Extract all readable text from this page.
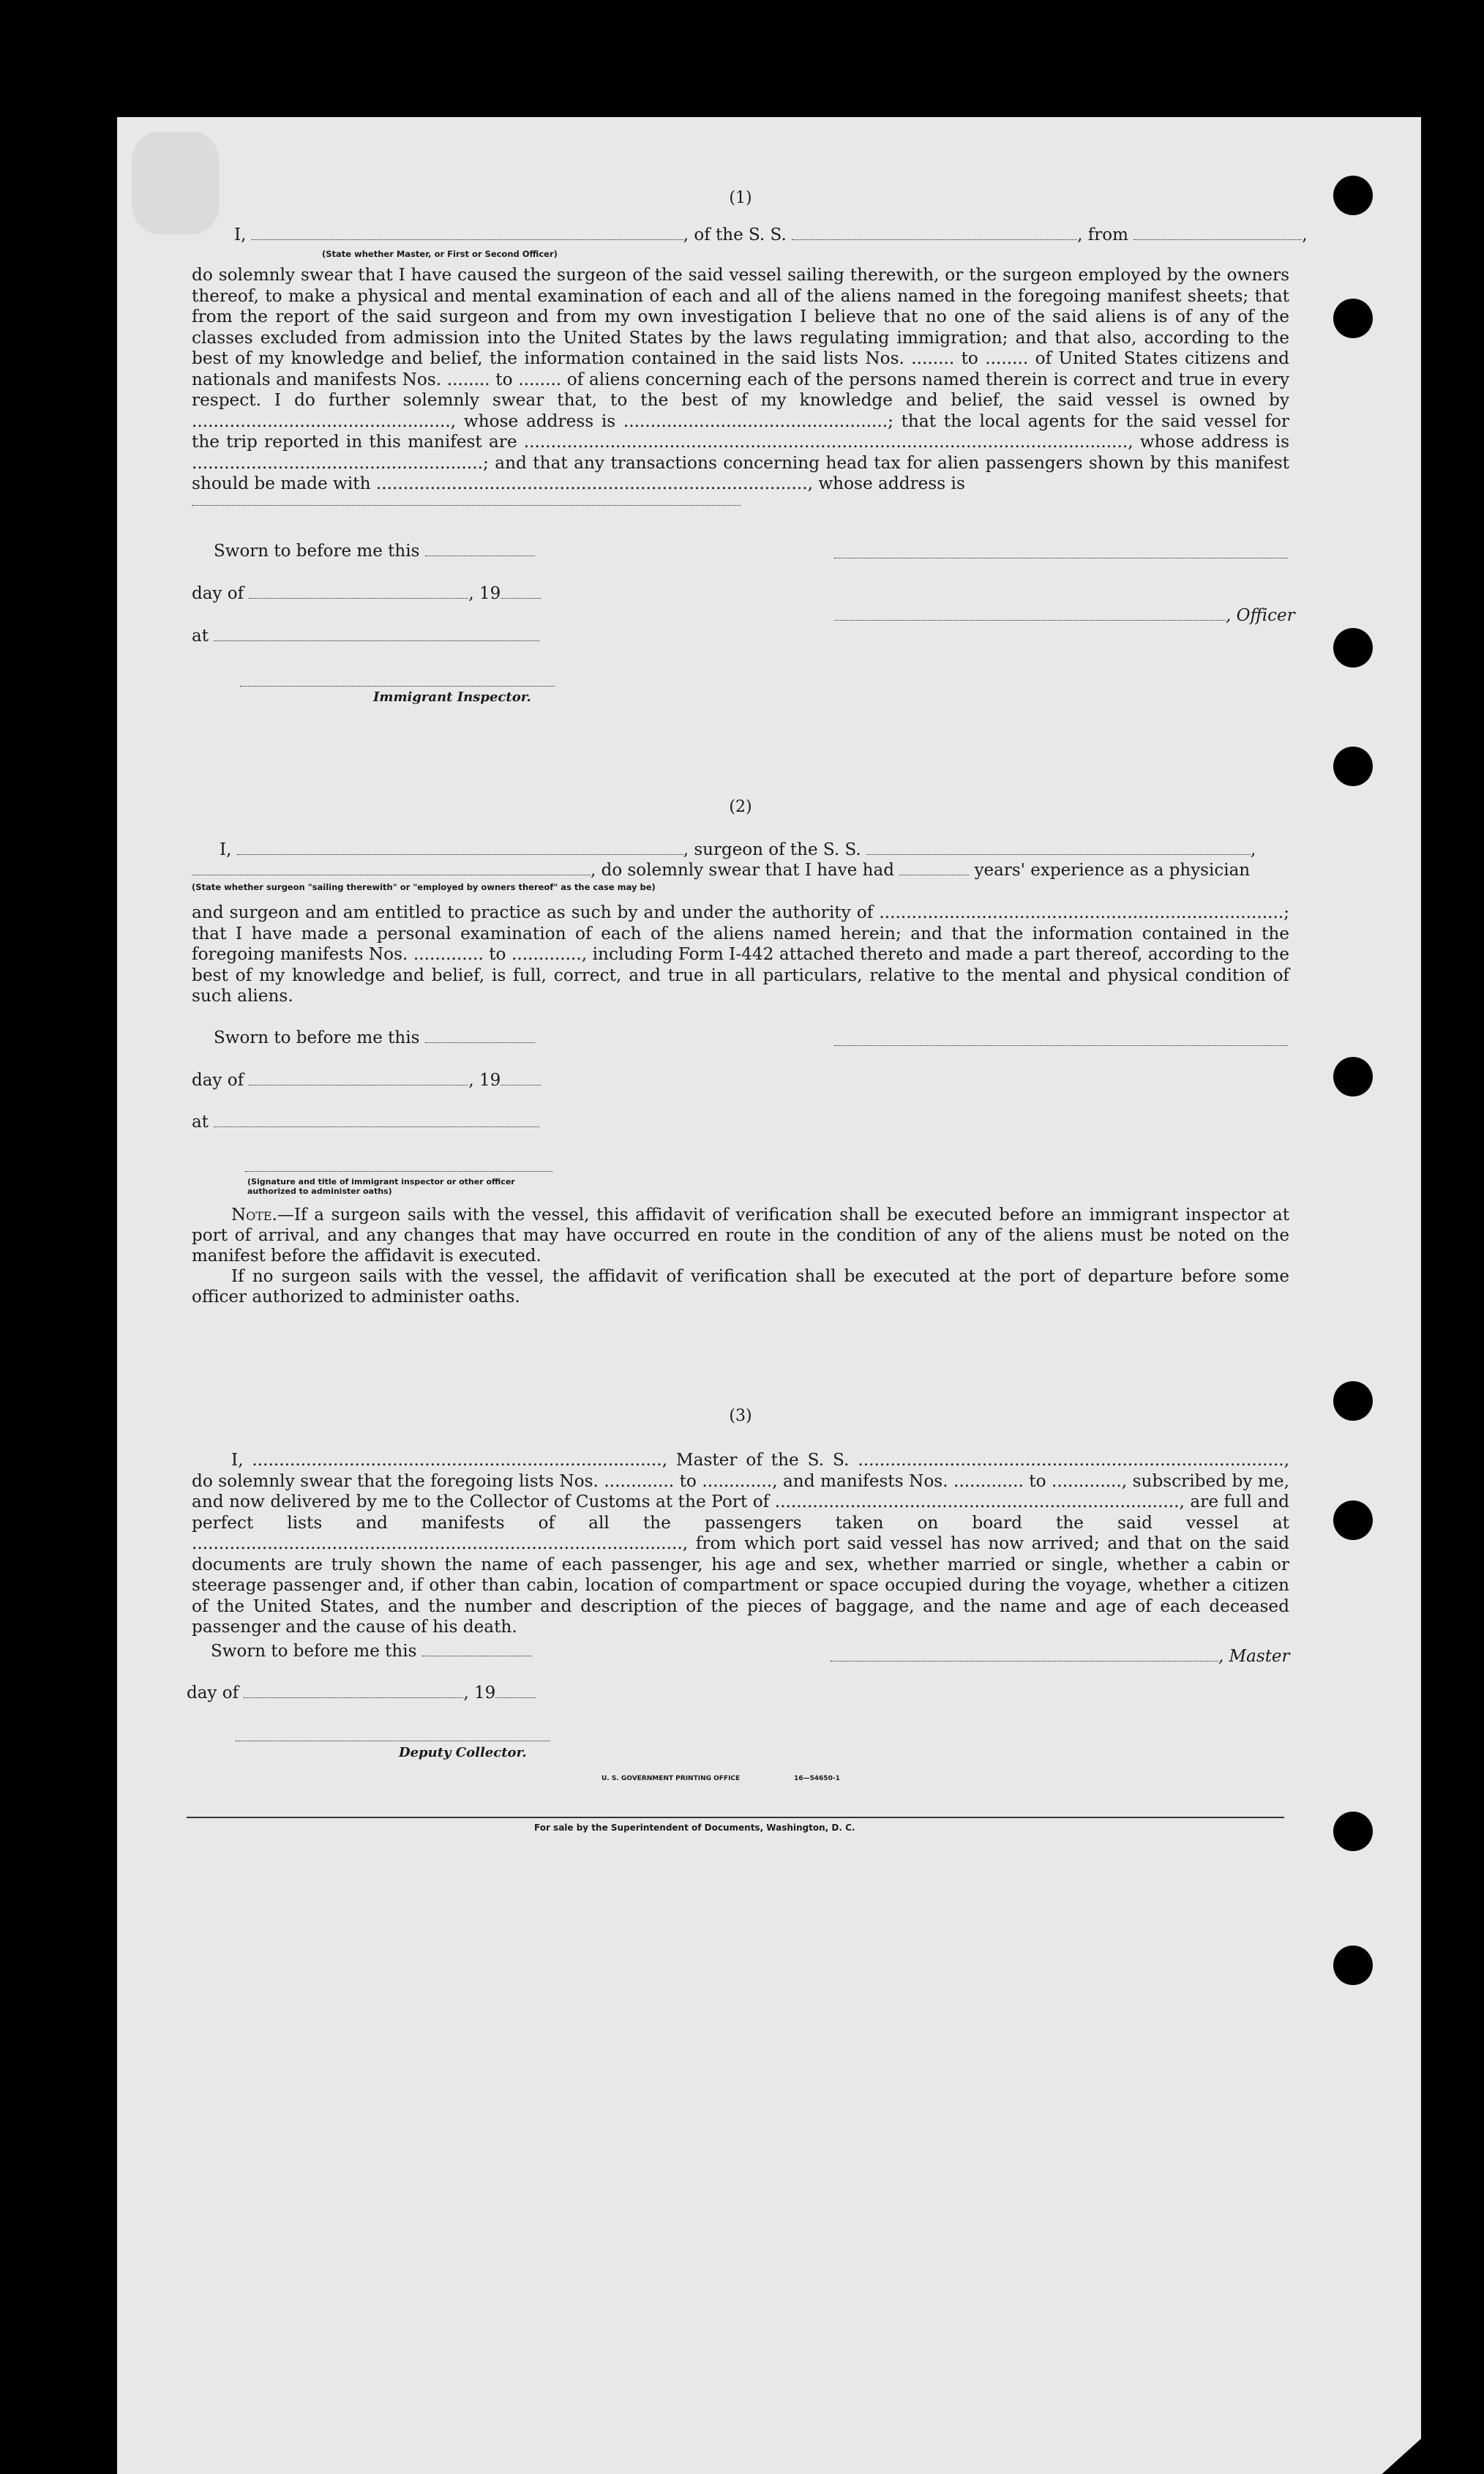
(1)
I,	, of the S. S.	, from	,

(State whether Master, or First or Second Officer)

do solemnly swear that I have caused the surgeon of the said vessel sailing therewith, or the surgeon employed by the owners thereof, to make a physical and mental examination of each and all of the aliens named in the foregoing manifest sheets; that from the report of the said surgeon and from my own investigation I believe that no one of the said aliens is of any of the classes excluded from admission into the United States by the laws regulating immigration; and that also, according to the best of my knowledge and belief, the information contained in the said lists Nos. ........ to ........ of United States citizens and nationals and manifests Nos. ........ to ........ of aliens concerning each of the persons named therein is correct and true in every respect. I do further solemnly swear that, to the best of my knowledge and belief, the said vessel is owned by ................................................, whose address is .................................................; that the local agents for the said vessel for the trip reported in this manifest are ................................................................................................................, whose address is ......................................................; and that any transactions concerning head tax for alien passengers shown by this manifest should be made with ................................................................................, whose address is

Sworn to before me this
day of	, 19
, Officer
at
Immigrant Inspector.
(2)
I,	, surgeon of the S. S.	,
, do solemnly swear that I have had	years' experience as a physician

(State whether surgeon "sailing therewith" or "employed by owners thereof" as the case may be)

and surgeon and am entitled to practice as such by and under the authority of ...........................................................................; that I have made a personal examination of each of the aliens named herein; and that the information contained in the foregoing manifests Nos. ............. to ............., including Form I-442 attached thereto and made a part thereof, according to the best of my knowledge and belief, is full, correct, and true in all particulars, relative to the mental and physical condition of such aliens.

Sworn to before me this
day of	, 19
at
(Signature and title of immigrant inspector or other officer authorized to administer oaths)

Note.—If a surgeon sails with the vessel, this affidavit of verification shall be executed before an immigrant inspector at port of arrival, and any changes that may have occurred en route in the condition of any of the aliens must be noted on the manifest before the affidavit is executed.

If no surgeon sails with the vessel, the affidavit of verification shall be executed at the port of departure before some officer authorized to administer oaths.

(3)

I, ............................................................................, Master of the S. S. ..............................................................................., do solemnly swear that the foregoing lists Nos. ............. to ............., and manifests Nos. ............. to ............., subscribed by me, and now delivered by me to the Collector of Customs at the Port of ..........................................................................., are full and perfect lists and manifests of all the passengers taken on board the said vessel at ..........................................................................................., from which port said vessel has now arrived; and that on the said documents are truly shown the name of each passenger, his age and sex, whether married or single, whether a cabin or steerage passenger and, if other than cabin, location of compartment or space occupied during the voyage, whether a citizen of the United States, and the number and description of the pieces of baggage, and the name and age of each deceased passenger and the cause of his death.

Sworn to before me this	, Master
day of	, 19
Deputy Collector.
U. S. GOVERNMENT PRINTING OFFICE	16—54650-1
For sale by the Superintendent of Documents, Washington, D. C.
